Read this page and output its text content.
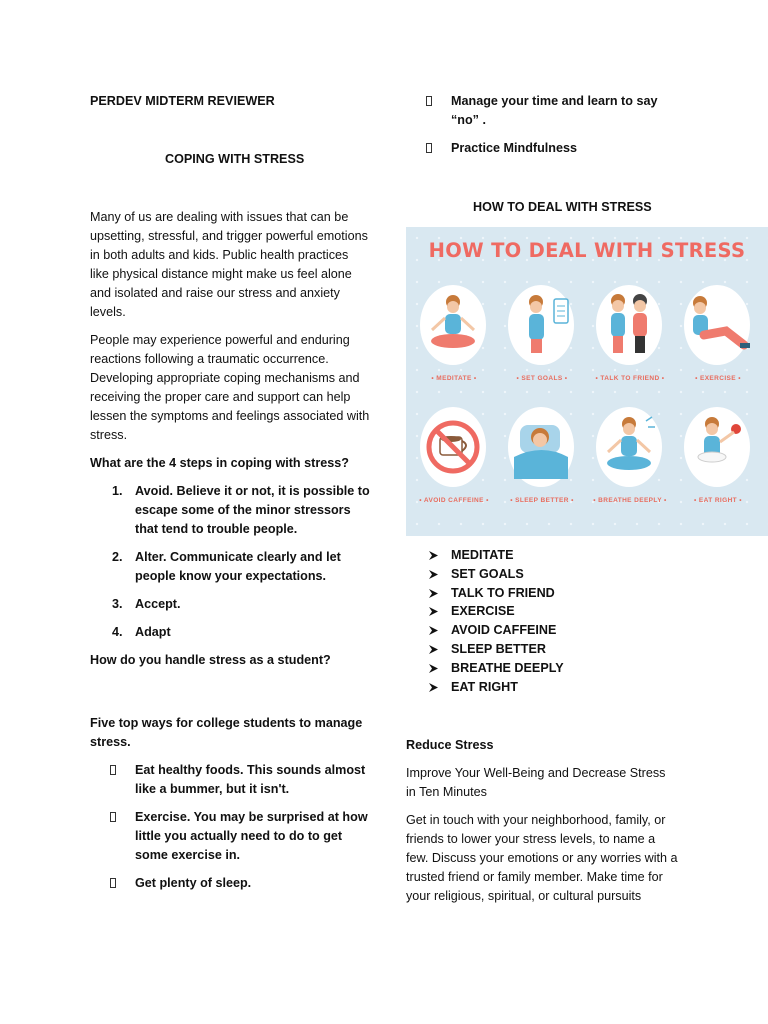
PERDEV MIDTERM REVIEWER
COPING WITH STRESS

Many of us are dealing with issues that can be upsetting, stressful, and trigger powerful emotions in both adults and kids. Public health practices like physical distance might make us feel alone and isolated and raise our stress and anxiety levels.

People may experience powerful and enduring reactions following a traumatic occurrence. Developing appropriate coping mechanisms and receiving the proper care and support can help lessen the symptoms and feelings associated with stress.

What are the 4 steps in coping with stress?

1. Avoid. Believe it or not, it is possible to escape some of the minor stressors that tend to trouble people.
2. Alter. Communicate clearly and let people know your expectations.
3. Accept.
4. Adapt

How do you handle stress as a student?

Five top ways for college students to manage stress.

Eat healthy foods. This sounds almost like a bummer, but it isn't.
Exercise. You may be surprised at how little you actually need to do to get some exercise in.
Get plenty of sleep.
Manage your time and learn to say “no” .
Practice Mindfulness
HOW TO DEAL WITH STRESS
HOW TO DEAL WITH STRESS
• MEDITATE •	• SET GOALS •	• TALK TO FRIEND •	• EXERCISE •
• AVOID CAFFEINE •	• SLEEP BETTER •	• BREATHE DEEPLY •	• EAT RIGHT •
MEDITATE
SET GOALS
TALK TO FRIEND
EXERCISE
AVOID CAFFEINE
SLEEP BETTER
BREATHE DEEPLY
EAT RIGHT

Reduce Stress

Improve Your Well-Being and Decrease Stress in Ten Minutes

Get in touch with your neighborhood, family, or friends to lower your stress levels, to name a few. Discuss your emotions or any worries with a trusted friend or family member. Make time for your religious, spiritual, or cultural pursuits
